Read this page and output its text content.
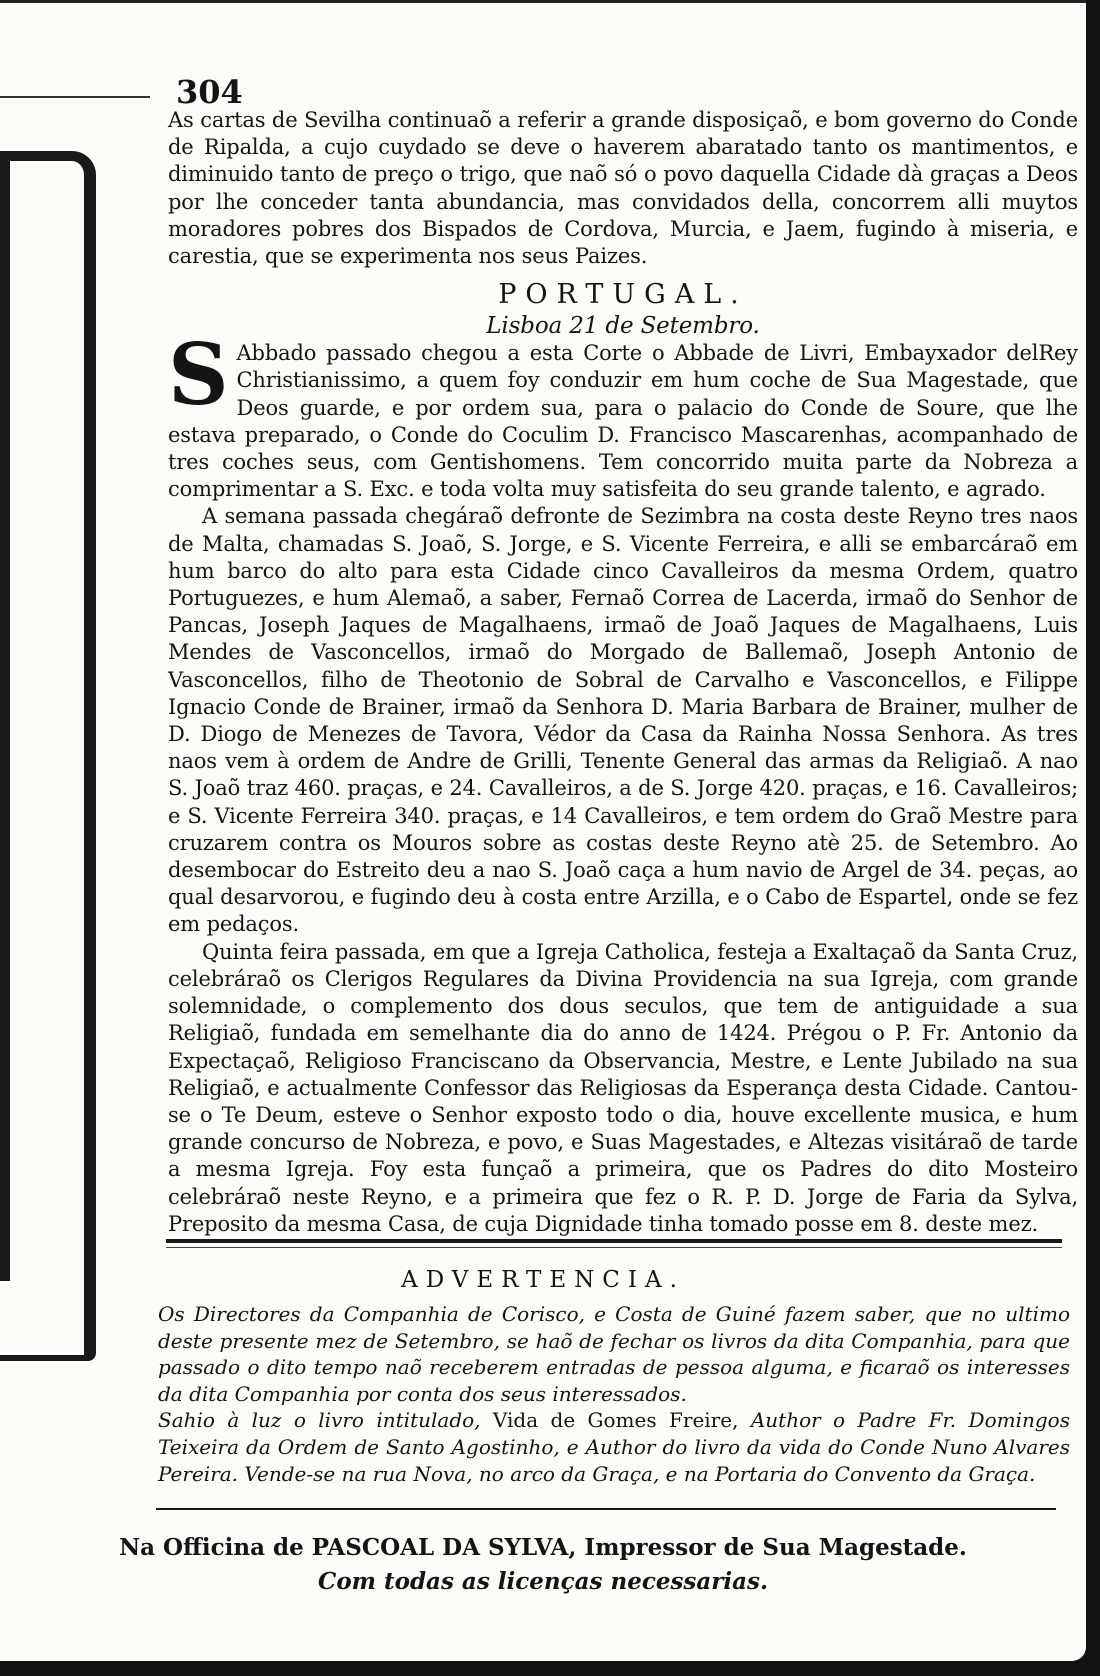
304

As cartas de Sevilha continuaõ a referir a grande disposiçaõ, e bom governo do Conde de Ripalda, a cujo cuydado se deve o haverem abaratado tanto os mantimentos, e diminuido tanto de preço o trigo, que naõ só o povo daquella Cidade dà graças a Deos por lhe conceder tanta abundancia, mas convidados della, concorrem alli muytos moradores pobres dos Bispados de Cordova, Murcia, e Jaem, fugindo à miseria, e carestia, que se experimenta nos seus Paizes.

PORTUGAL.
Lisboa 21 de Setembro.

S Abbado passado chegou a esta Corte o Abbade de Livri, Embayxador delRey Christianissimo, a quem foy conduzir em hum coche de Sua Magestade, que Deos guarde, e por ordem sua, para o palacio do Conde de Soure, que lhe estava preparado, o Conde do Coculim D. Francisco Mascarenhas, acompanhado de tres coches seus, com Gentishomens. Tem concorrido muita parte da Nobreza a comprimentar a S. Exc. e toda volta muy satisfeita do seu grande talento, e agrado.

A semana passada chegáraõ defronte de Sezimbra na costa deste Reyno tres naos de Malta, chamadas S. Joaõ, S. Jorge, e S. Vicente Ferreira, e alli se embarcáraõ em hum barco do alto para esta Cidade cinco Cavalleiros da mesma Ordem, quatro Portuguezes, e hum Alemaõ, a saber, Fernaõ Correa de Lacerda, irmaõ do Senhor de Pancas, Joseph Jaques de Magalhaens, irmaõ de Joaõ Jaques de Magalhaens, Luis Mendes de Vasconcellos, irmaõ do Morgado de Ballemaõ, Joseph Antonio de Vasconcellos, filho de Theotonio de Sobral de Carvalho e Vasconcellos, e Filippe Ignacio Conde de Brainer, irmaõ da Senhora D. Maria Barbara de Brainer, mulher de D. Diogo de Menezes de Tavora, Védor da Casa da Rainha Nossa Senhora. As tres naos vem à ordem de Andre de Grilli, Tenente General das armas da Religiaõ. A nao S. Joaõ traz 460. praças, e 24. Cavalleiros, a de S. Jorge 420. praças, e 16. Cavalleiros; e S. Vicente Ferreira 340. praças, e 14 Cavalleiros, e tem ordem do Graõ Mestre para cruzarem contra os Mouros sobre as costas deste Reyno atè 25. de Setembro. Ao desembocar do Estreito deu a nao S. Joaõ caça a hum navio de Argel de 34. peças, ao qual desarvorou, e fugindo deu à costa entre Arzilla, e o Cabo de Espartel, onde se fez em pedaços.

Quinta feira passada, em que a Igreja Catholica, festeja a Exaltaçaõ da Santa Cruz, celebráraõ os Clerigos Regulares da Divina Providencia na sua Igreja, com grande solemnidade, o complemento dos dous seculos, que tem de antiguidade a sua Religiaõ, fundada em semelhante dia do anno de 1424. Prégou o P. Fr. Antonio da Expectaçaõ, Religioso Franciscano da Observancia, Mestre, e Lente Jubilado na sua Religiaõ, e actualmente Confessor das Religiosas da Esperança desta Cidade. Cantou-se o Te Deum, esteve o Senhor exposto todo o dia, houve excellente musica, e hum grande concurso de Nobreza, e povo, e Suas Magestades, e Altezas visitáraõ de tarde a mesma Igreja. Foy esta funçaõ a primeira, que os Padres do dito Mosteiro celebráraõ neste Reyno, e a primeira que fez o R. P. D. Jorge de Faria da Sylva, Preposito da mesma Casa, de cuja Dignidade tinha tomado posse em 8. deste mez.

ADVERTENCIA.

Os Directores da Companhia de Corisco, e Costa de Guiné fazem saber, que no ultimo deste presente mez de Setembro, se haõ de fechar os livros da dita Companhia, para que passado o dito tempo naõ receberem entradas de pessoa alguma, e ficaraõ os interesses da dita Companhia por conta dos seus interessados.

Sahio à luz o livro intitulado, Vida de Gomes Freire, Author o Padre Fr. Domingos Teixeira da Ordem de Santo Agostinho, e Author do livro da vida do Conde Nuno Alvares Pereira. Vende-se na rua Nova, no arco da Graça, e na Portaria do Convento da Graça.

Na Officina de PASCOAL DA SYLVA, Impressor de Sua Magestade.
Com todas as licenças necessarias.
